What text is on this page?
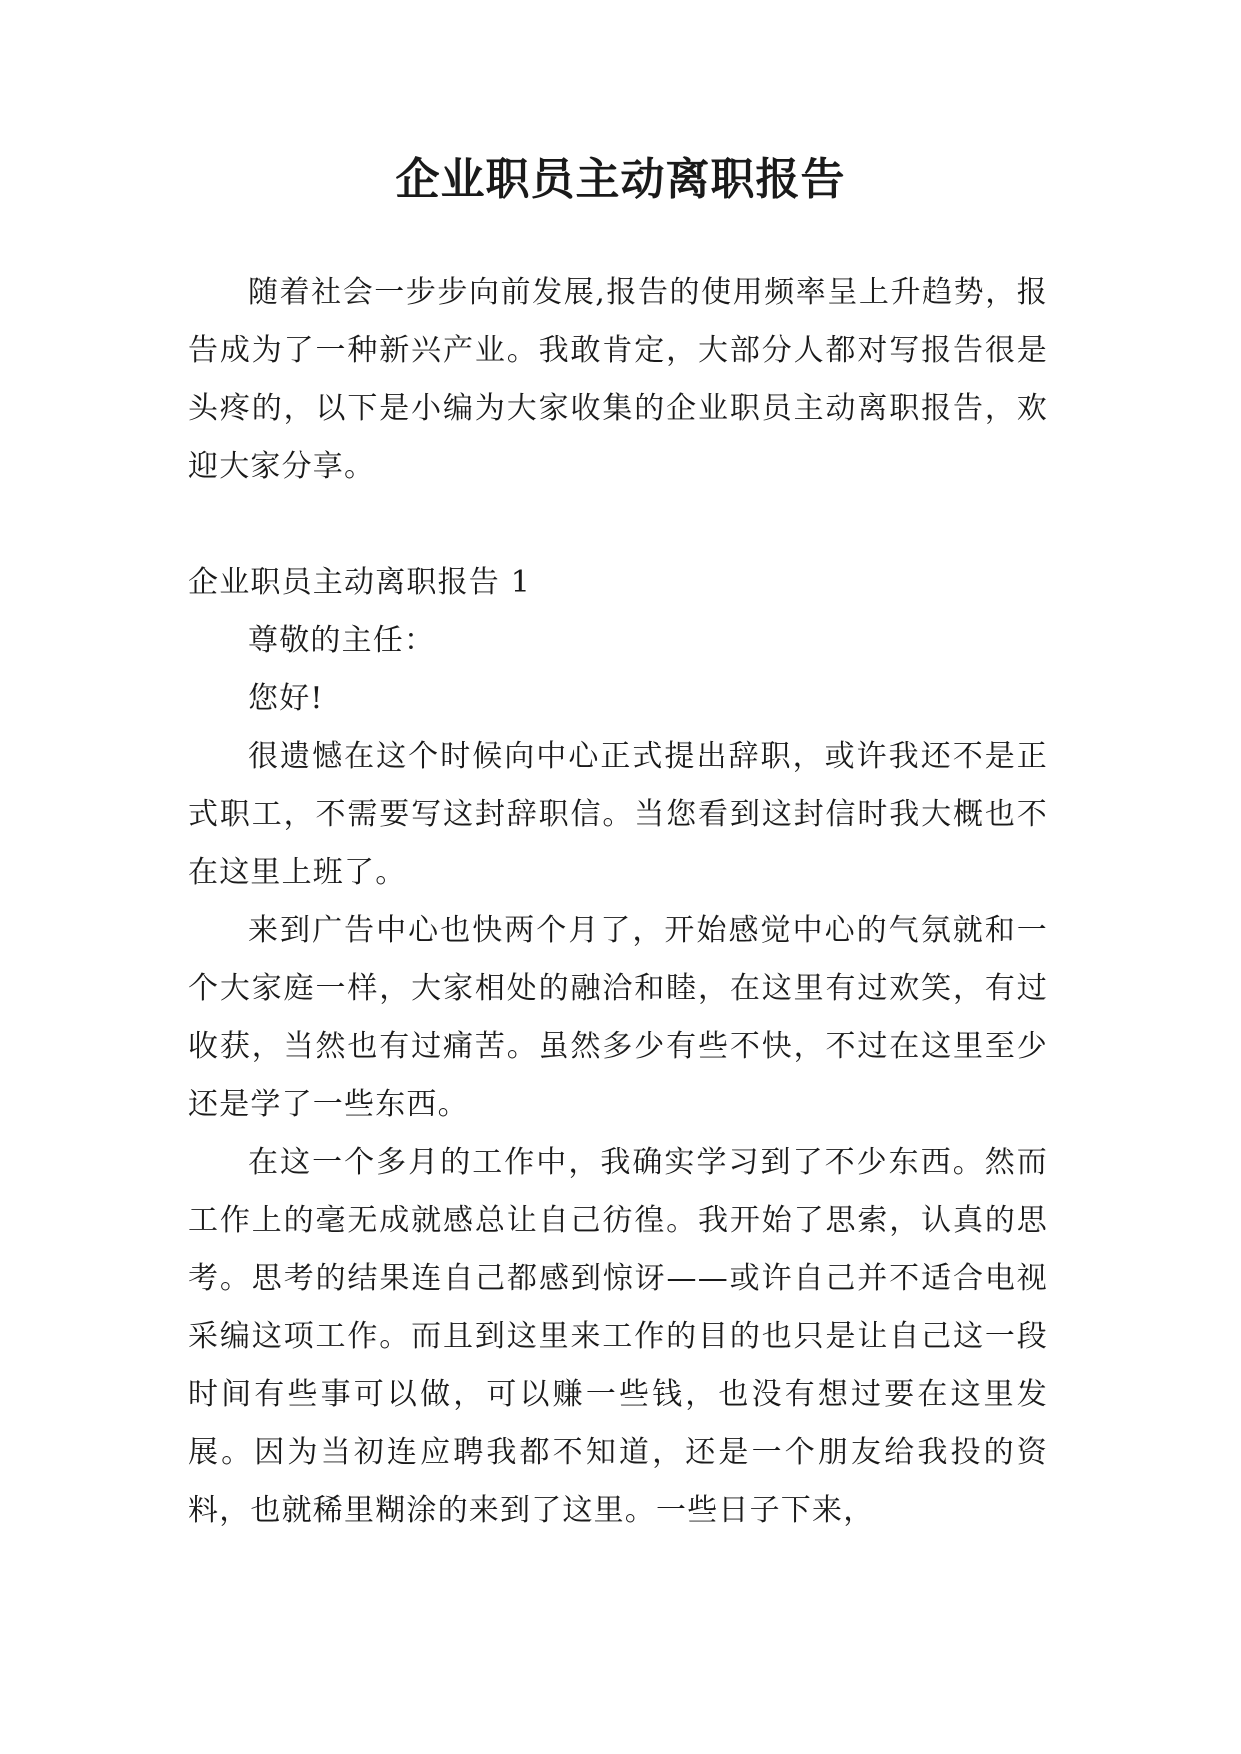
企业职员主动离职报告

随着社会一步步向前发展,报告的使用频率呈上升趋势，报告成为了一种新兴产业。我敢肯定，大部分人都对写报告很是头疼的，以下是小编为大家收集的企业职员主动离职报告，欢迎大家分享。

企业职员主动离职报告 1

尊敬的主任：

您好!

很遗憾在这个时候向中心正式提出辞职，或许我还不是正式职工，不需要写这封辞职信。当您看到这封信时我大概也不在这里上班了。

来到广告中心也快两个月了，开始感觉中心的气氛就和一个大家庭一样，大家相处的融洽和睦，在这里有过欢笑，有过收获，当然也有过痛苦。虽然多少有些不快，不过在这里至少还是学了一些东西。

在这一个多月的工作中，我确实学习到了不少东西。然而工作上的毫无成就感总让自己彷徨。我开始了思索，认真的思考。思考的结果连自己都感到惊讶——或许自己并不适合电视采编这项工作。而且到这里来工作的目的也只是让自己这一段时间有些事可以做，可以赚一些钱，也没有想过要在这里发展。因为当初连应聘我都不知道，还是一个朋友给我投的资料，也就稀里糊涂的来到了这里。一些日子下来，
